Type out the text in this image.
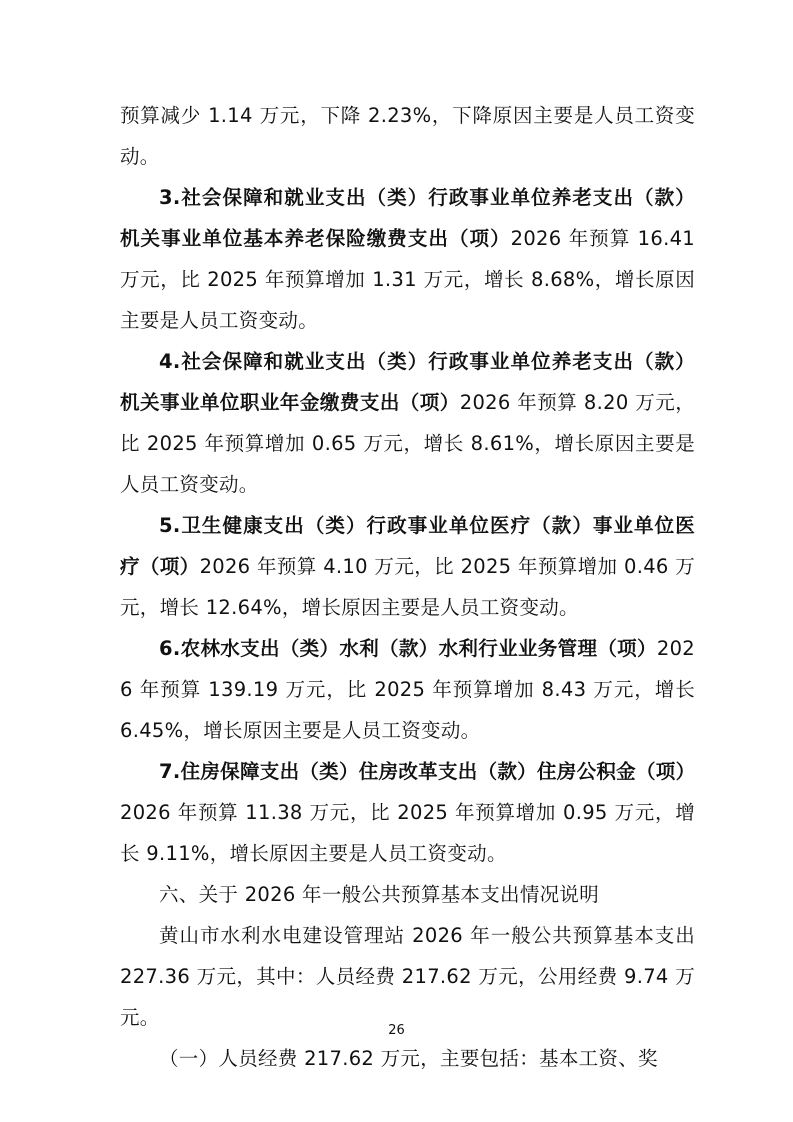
预算减少 1.14 万元，下降 2.23%，下降原因主要是人员工资变动。

3.社会保障和就业支出（类）行政事业单位养老支出（款）机关事业单位基本养老保险缴费支出（项）2026 年预算 16.41 万元，比 2025 年预算增加 1.31 万元，增长 8.68%，增长原因主要是人员工资变动。

4.社会保障和就业支出（类）行政事业单位养老支出（款）机关事业单位职业年金缴费支出（项）2026 年预算 8.20 万元，比 2025 年预算增加 0.65 万元，增长 8.61%，增长原因主要是人员工资变动。

5.卫生健康支出（类）行政事业单位医疗（款）事业单位医疗（项）2026 年预算 4.10 万元，比 2025 年预算增加 0.46 万元，增长 12.64%，增长原因主要是人员工资变动。

6.农林水支出（类）水利（款）水利行业业务管理（项）2026 年预算 139.19 万元，比 2025 年预算增加 8.43 万元，增长 6.45%，增长原因主要是人员工资变动。

7.住房保障支出（类）住房改革支出（款）住房公积金（项）2026 年预算 11.38 万元，比 2025 年预算增加 0.95 万元，增长 9.11%，增长原因主要是人员工资变动。

六、关于 2026 年一般公共预算基本支出情况说明

黄山市水利水电建设管理站 2026 年一般公共预算基本支出 227.36 万元，其中：人员经费 217.62 万元，公用经费 9.74 万元。

（一）人员经费 217.62 万元，主要包括：基本工资、奖

26
